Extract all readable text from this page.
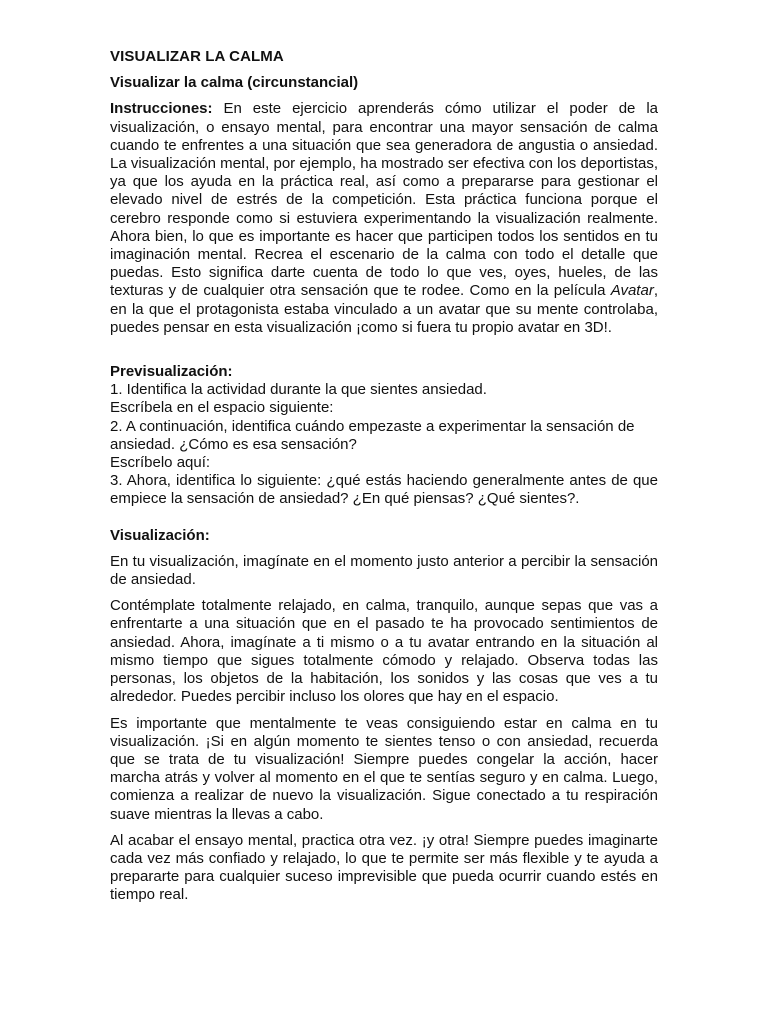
VISUALIZAR LA CALMA
Visualizar la calma (circunstancial)

Instrucciones: En este ejercicio aprenderás cómo utilizar el poder de la visualización, o ensayo mental, para encontrar una mayor sensación de calma cuando te enfrentes a una situación que sea generadora de angustia o ansiedad. La visualización mental, por ejemplo, ha mostrado ser efectiva con los deportistas, ya que los ayuda en la práctica real, así como a prepararse para gestionar el elevado nivel de estrés de la competición. Esta práctica funciona porque el cerebro responde como si estuviera experimentando la visualización realmente. Ahora bien, lo que es importante es hacer que participen todos los sentidos en tu imaginación mental. Recrea el escenario de la calma con todo el detalle que puedas. Esto significa darte cuenta de todo lo que ves, oyes, hueles, de las texturas y de cualquier otra sensación que te rodee. Como en la película Avatar, en la que el protagonista estaba vinculado a un avatar que su mente controlaba, puedes pensar en esta visualización ¡como si fuera tu propio avatar en 3D!.

Previsualización:
1. Identifica la actividad durante la que sientes ansiedad.
Escríbela en el espacio siguiente:
2. A continuación, identifica cuándo empezaste a experimentar la sensación de ansiedad. ¿Cómo es esa sensación?
Escríbelo aquí:

3. Ahora, identifica lo siguiente: ¿qué estás haciendo generalmente antes de que empiece la sensación de ansiedad? ¿En qué piensas? ¿Qué sientes?.

Visualización:

En tu visualización, imagínate en el momento justo anterior a percibir la sensación de ansiedad.

Contémplate totalmente relajado, en calma, tranquilo, aunque sepas que vas a enfrentarte a una situación que en el pasado te ha provocado sentimientos de ansiedad. Ahora, imagínate a ti mismo o a tu avatar entrando en la situación al mismo tiempo que sigues totalmente cómodo y relajado. Observa todas las personas, los objetos de la habitación, los sonidos y las cosas que ves a tu alrededor. Puedes percibir incluso los olores que hay en el espacio.

Es importante que mentalmente te veas consiguiendo estar en calma en tu visualización. ¡Si en algún momento te sientes tenso o con ansiedad, recuerda que se trata de tu visualización! Siempre puedes congelar la acción, hacer marcha atrás y volver al momento en el que te sentías seguro y en calma. Luego, comienza a realizar de nuevo la visualización. Sigue conectado a tu respiración suave mientras la llevas a cabo.

Al acabar el ensayo mental, practica otra vez. ¡y otra! Siempre puedes imaginarte cada vez más confiado y relajado, lo que te permite ser más flexible y te ayuda a prepararte para cualquier suceso imprevisible que pueda ocurrir cuando estés en tiempo real.
